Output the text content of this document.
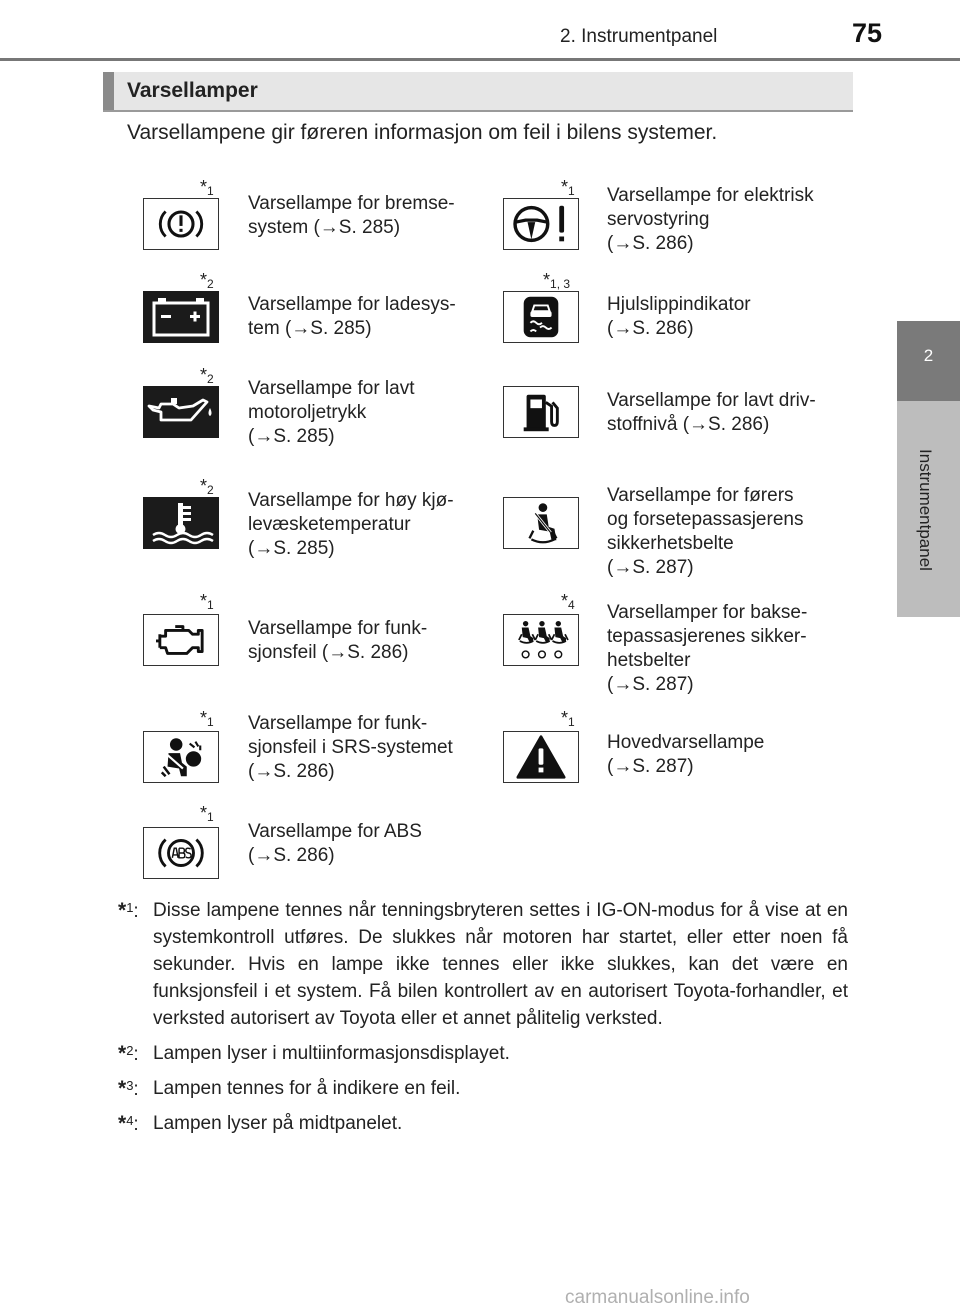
2. Instrumentpanel	75
2
Instrumentpanel
Varsellamper
Varsellampene gir føreren informasjon om feil i bilens systemer.
$*_1$
Varsellampe for bremse-
system (→S. 285)
$*_1$ Varsellampe for elektrisk
servostyring
(→S. 286)
$*_2$
Varsellampe for ladesys-
tem (→S. 285)
$*_{1, 3}$
Hjulslippindikator
(→S. 286)
$*_2$ Varsellampe for lavt
motoroljetrykk
(→S. 285)
Varsellampe for lavt driv-
stoffnivå (→S. 286)
$*_2$ Varsellampe for høy kjø-
levæsketemperatur
(→S. 285)
Varsellampe for førers
og forsetepassasjerens
sikkerhetsbelte
(→S. 287)
$*_1$
Varsellampe for funk-
sjonsfeil (→S. 286)
$*_4$ Varsellamper for bakse-
tepassasjerenes sikker-
hetsbelter
(→S. 287)
$*_1$ Varsellampe for funk-
sjonsfeil i SRS-systemet
(→S. 286)
$*_1$
Hovedvarsellampe
(→S. 287)
$*_1$
Varsellampe for ABS
(→S. 286)
$*_1$: Disse lampene tennes når tenningsbryteren settes i IG-ON-modus for å vise at en systemkontroll utføres. De slukkes når motoren har startet, eller etter noen få sekunder. Hvis en lampe ikke tennes eller ikke slukkes, kan det være en funksjonsfeil i et system. Få bilen kontrollert av en autorisert Toyota-forhandler, et verksted autorisert av Toyota eller et annet pålitelig verksted.
$*_2$: Lampen lyser i multiinformasjonsdisplayet.
$*_3$: Lampen tennes for å indikere en feil.
$*_4$: Lampen lyser på midtpanelet.
carmanualsonline.info
